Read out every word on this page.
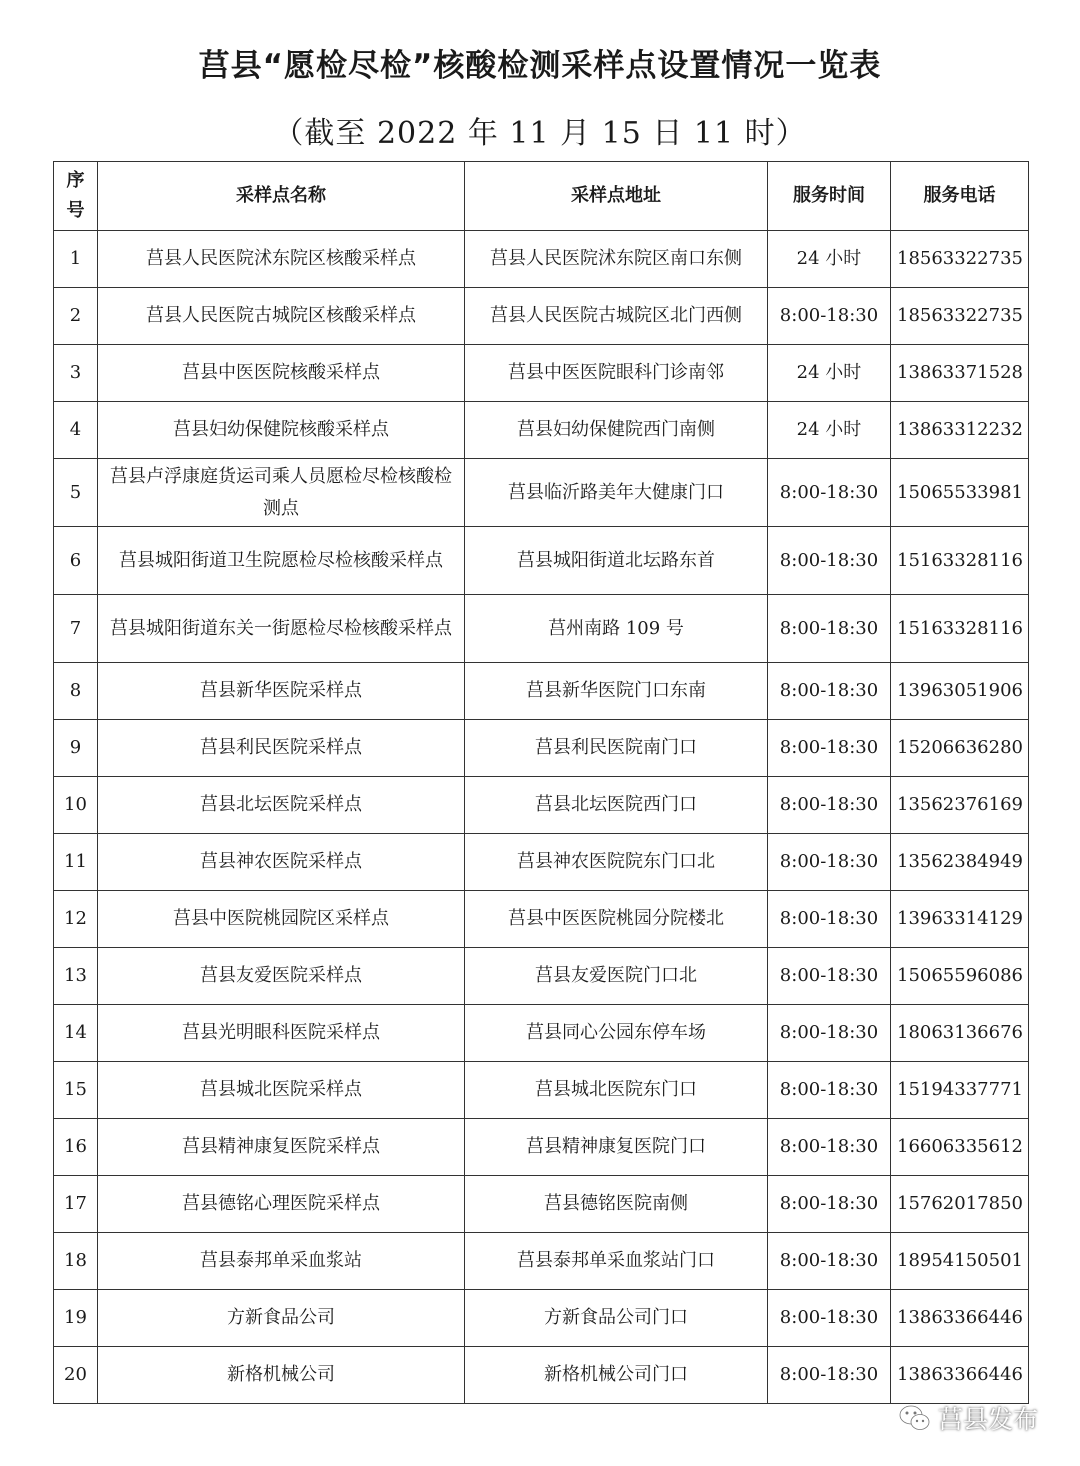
莒县“愿检尽检”核酸检测采样点设置情况一览表
（截至 2022 年 11 月 15 日 11 时）
序号	采样点名称	采样点地址	服务时间	服务电话
1	莒县人民医院沭东院区核酸采样点	莒县人民医院沭东院区南口东侧	24 小时	18563322735
2	莒县人民医院古城院区核酸采样点	莒县人民医院古城院区北门西侧	8:00-18:30	18563322735
3	莒县中医医院核酸采样点	莒县中医医院眼科门诊南邻	24 小时	13863371528
4	莒县妇幼保健院核酸采样点	莒县妇幼保健院西门南侧	24 小时	13863312232
5	莒县卢浮康庭货运司乘人员愿检尽检核酸检测点	莒县临沂路美年大健康门口	8:00-18:30	15065533981
6	莒县城阳街道卫生院愿检尽检核酸采样点	莒县城阳街道北坛路东首	8:00-18:30	15163328116
7	莒县城阳街道东关一街愿检尽检核酸采样点	莒州南路 109 号	8:00-18:30	15163328116
8	莒县新华医院采样点	莒县新华医院门口东南	8:00-18:30	13963051906
9	莒县利民医院采样点	莒县利民医院南门口	8:00-18:30	15206636280
10	莒县北坛医院采样点	莒县北坛医院西门口	8:00-18:30	13562376169
11	莒县神农医院采样点	莒县神农医院院东门口北	8:00-18:30	13562384949
12	莒县中医院桃园院区采样点	莒县中医医院桃园分院楼北	8:00-18:30	13963314129
13	莒县友爱医院采样点	莒县友爱医院门口北	8:00-18:30	15065596086
14	莒县光明眼科医院采样点	莒县同心公园东停车场	8:00-18:30	18063136676
15	莒县城北医院采样点	莒县城北医院东门口	8:00-18:30	15194337771
16	莒县精神康复医院采样点	莒县精神康复医院门口	8:00-18:30	16606335612
17	莒县德铭心理医院采样点	莒县德铭医院南侧	8:00-18:30	15762017850
18	莒县泰邦单采血浆站	莒县泰邦单采血浆站门口	8:00-18:30	18954150501
19	方新食品公司	方新食品公司门口	8:00-18:30	13863366446
20	新格机械公司	新格机械公司门口	8:00-18:30	13863366446
莒县发布
